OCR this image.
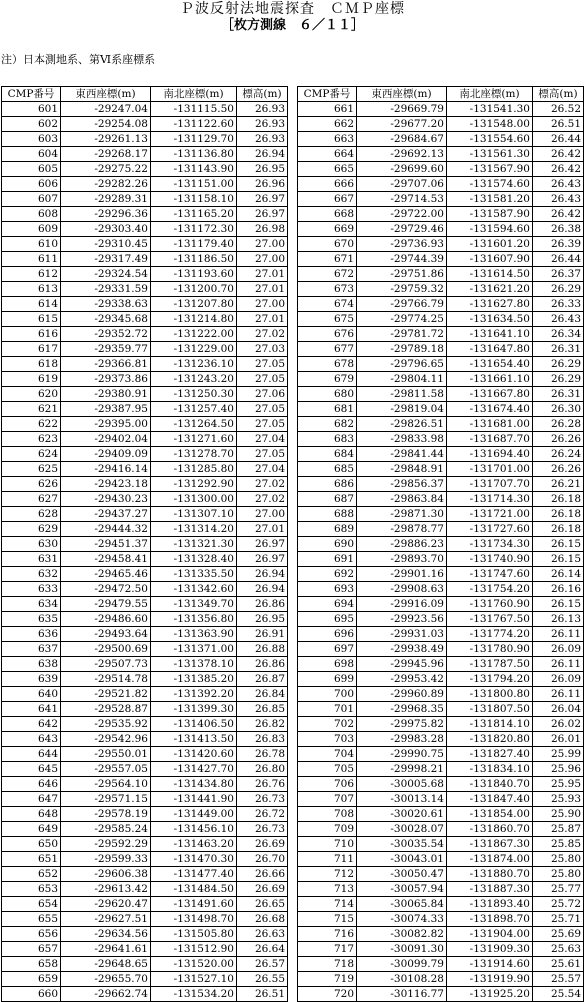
Ｐ波反射法地震探査　ＣＭＰ座標
［枚方測線　６／１１］
注）日本測地系、第Ⅵ系座標系
CMP番号	東西座標(m)	南北座標(m)	標高(m)
601	-29247.04	-131115.50	26.93
602	-29254.08	-131122.60	26.93
603	-29261.13	-131129.70	26.93
604	-29268.17	-131136.80	26.94
605	-29275.22	-131143.90	26.95
606	-29282.26	-131151.00	26.96
607	-29289.31	-131158.10	26.97
608	-29296.36	-131165.20	26.97
609	-29303.40	-131172.30	26.98
610	-29310.45	-131179.40	27.00
611	-29317.49	-131186.50	27.00
612	-29324.54	-131193.60	27.01
613	-29331.59	-131200.70	27.01
614	-29338.63	-131207.80	27.00
615	-29345.68	-131214.80	27.01
616	-29352.72	-131222.00	27.02
617	-29359.77	-131229.00	27.03
618	-29366.81	-131236.10	27.05
619	-29373.86	-131243.20	27.05
620	-29380.91	-131250.30	27.06
621	-29387.95	-131257.40	27.05
622	-29395.00	-131264.50	27.05
623	-29402.04	-131271.60	27.04
624	-29409.09	-131278.70	27.05
625	-29416.14	-131285.80	27.04
626	-29423.18	-131292.90	27.02
627	-29430.23	-131300.00	27.02
628	-29437.27	-131307.10	27.00
629	-29444.32	-131314.20	27.01
630	-29451.37	-131321.30	26.97
631	-29458.41	-131328.40	26.97
632	-29465.46	-131335.50	26.94
633	-29472.50	-131342.60	26.94
634	-29479.55	-131349.70	26.86
635	-29486.60	-131356.80	26.95
636	-29493.64	-131363.90	26.91
637	-29500.69	-131371.00	26.88
638	-29507.73	-131378.10	26.86
639	-29514.78	-131385.20	26.87
640	-29521.82	-131392.20	26.84
641	-29528.87	-131399.30	26.85
642	-29535.92	-131406.50	26.82
643	-29542.96	-131413.50	26.83
644	-29550.01	-131420.60	26.78
645	-29557.05	-131427.70	26.80
646	-29564.10	-131434.80	26.76
647	-29571.15	-131441.90	26.73
648	-29578.19	-131449.00	26.72
649	-29585.24	-131456.10	26.73
650	-29592.29	-131463.20	26.69
651	-29599.33	-131470.30	26.70
652	-29606.38	-131477.40	26.66
653	-29613.42	-131484.50	26.69
654	-29620.47	-131491.60	26.65
655	-29627.51	-131498.70	26.68
656	-29634.56	-131505.80	26.63
657	-29641.61	-131512.90	26.64
658	-29648.65	-131520.00	26.57
659	-29655.70	-131527.10	26.55
660	-29662.74	-131534.20	26.51
CMP番号	東西座標(m)	南北座標(m)	標高(m)
661	-29669.79	-131541.30	26.52
662	-29677.20	-131548.00	26.51
663	-29684.67	-131554.60	26.44
664	-29692.13	-131561.30	26.42
665	-29699.60	-131567.90	26.42
666	-29707.06	-131574.60	26.43
667	-29714.53	-131581.20	26.43
668	-29722.00	-131587.90	26.42
669	-29729.46	-131594.60	26.38
670	-29736.93	-131601.20	26.39
671	-29744.39	-131607.90	26.44
672	-29751.86	-131614.50	26.37
673	-29759.32	-131621.20	26.29
674	-29766.79	-131627.80	26.33
675	-29774.25	-131634.50	26.43
676	-29781.72	-131641.10	26.34
677	-29789.18	-131647.80	26.31
678	-29796.65	-131654.40	26.29
679	-29804.11	-131661.10	26.29
680	-29811.58	-131667.80	26.31
681	-29819.04	-131674.40	26.30
682	-29826.51	-131681.00	26.28
683	-29833.98	-131687.70	26.26
684	-29841.44	-131694.40	26.24
685	-29848.91	-131701.00	26.26
686	-29856.37	-131707.70	26.21
687	-29863.84	-131714.30	26.18
688	-29871.30	-131721.00	26.18
689	-29878.77	-131727.60	26.18
690	-29886.23	-131734.30	26.15
691	-29893.70	-131740.90	26.15
692	-29901.16	-131747.60	26.14
693	-29908.63	-131754.20	26.16
694	-29916.09	-131760.90	26.15
695	-29923.56	-131767.50	26.13
696	-29931.03	-131774.20	26.11
697	-29938.49	-131780.90	26.09
698	-29945.96	-131787.50	26.11
699	-29953.42	-131794.20	26.09
700	-29960.89	-131800.80	26.11
701	-29968.35	-131807.50	26.04
702	-29975.82	-131814.10	26.02
703	-29983.28	-131820.80	26.01
704	-29990.75	-131827.40	25.99
705	-29998.21	-131834.10	25.96
706	-30005.68	-131840.70	25.95
707	-30013.14	-131847.40	25.93
708	-30020.61	-131854.00	25.90
709	-30028.07	-131860.70	25.87
710	-30035.54	-131867.30	25.85
711	-30043.01	-131874.00	25.80
712	-30050.47	-131880.70	25.80
713	-30057.94	-131887.30	25.77
714	-30065.84	-131893.40	25.72
715	-30074.33	-131898.70	25.71
716	-30082.82	-131904.00	25.69
717	-30091.30	-131909.30	25.63
718	-30099.79	-131914.60	25.61
719	-30108.28	-131919.90	25.57
720	-30116.77	-131925.20	25.54
